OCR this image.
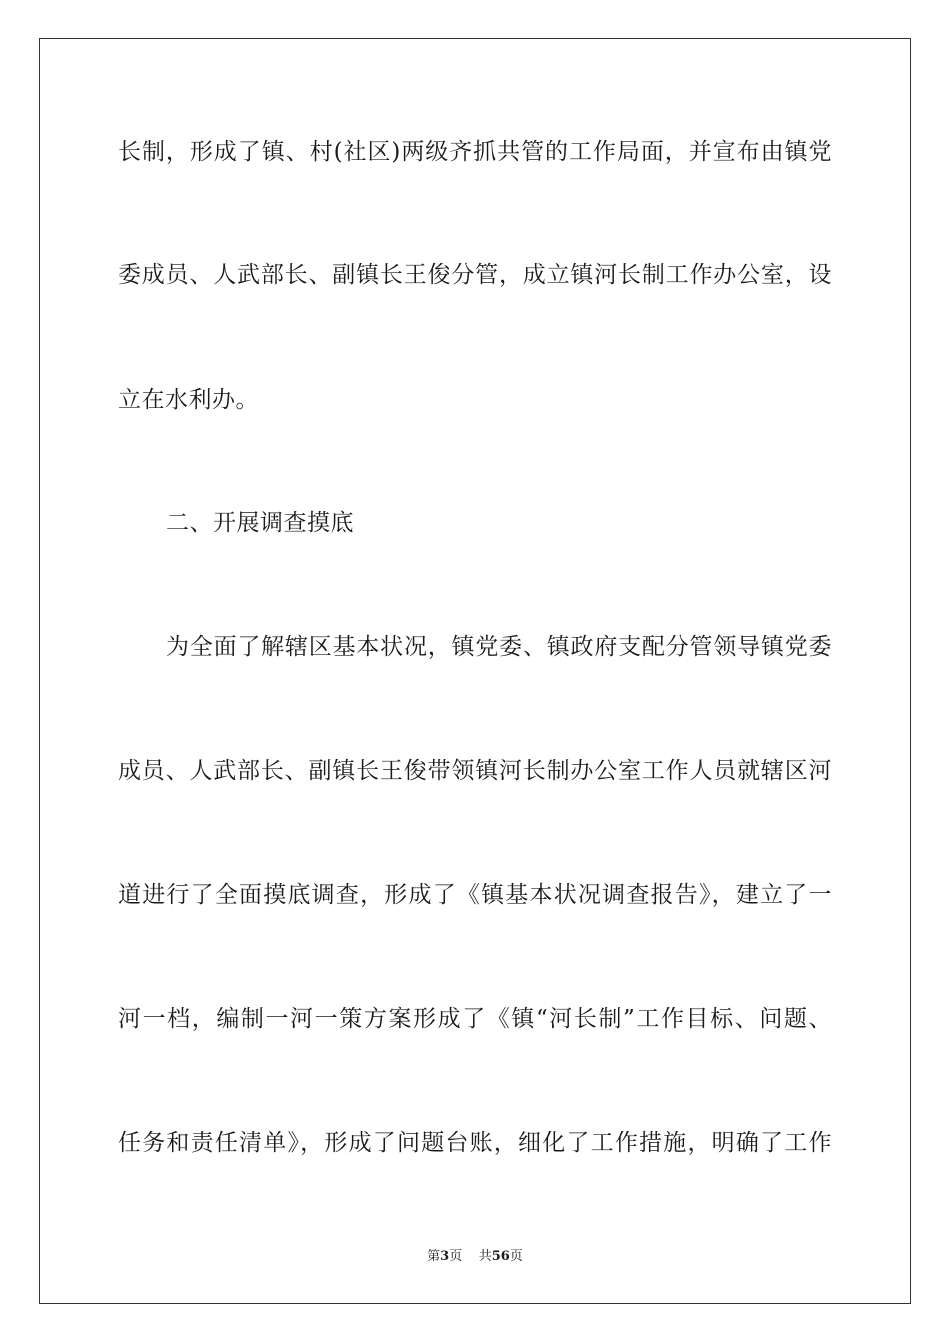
长制，形成了镇、村(社区)两级齐抓共管的工作局面，并宣布由镇党
委成员、人武部长、副镇长王俊分管，成立镇河长制工作办公室，设
立在水利办。
二、开展调查摸底
为全面了解辖区基本状况，镇党委、镇政府支配分管领导镇党委
成员、人武部长、副镇长王俊带领镇河长制办公室工作人员就辖区河
道进行了全面摸底调查，形成了《镇基本状况调查报告》，建立了一
河一档，编制一河一策方案形成了《镇“河长制”工作目标、问题、
任务和责任清单》，形成了问题台账，细化了工作措施，明确了工作
第3页 共56页
